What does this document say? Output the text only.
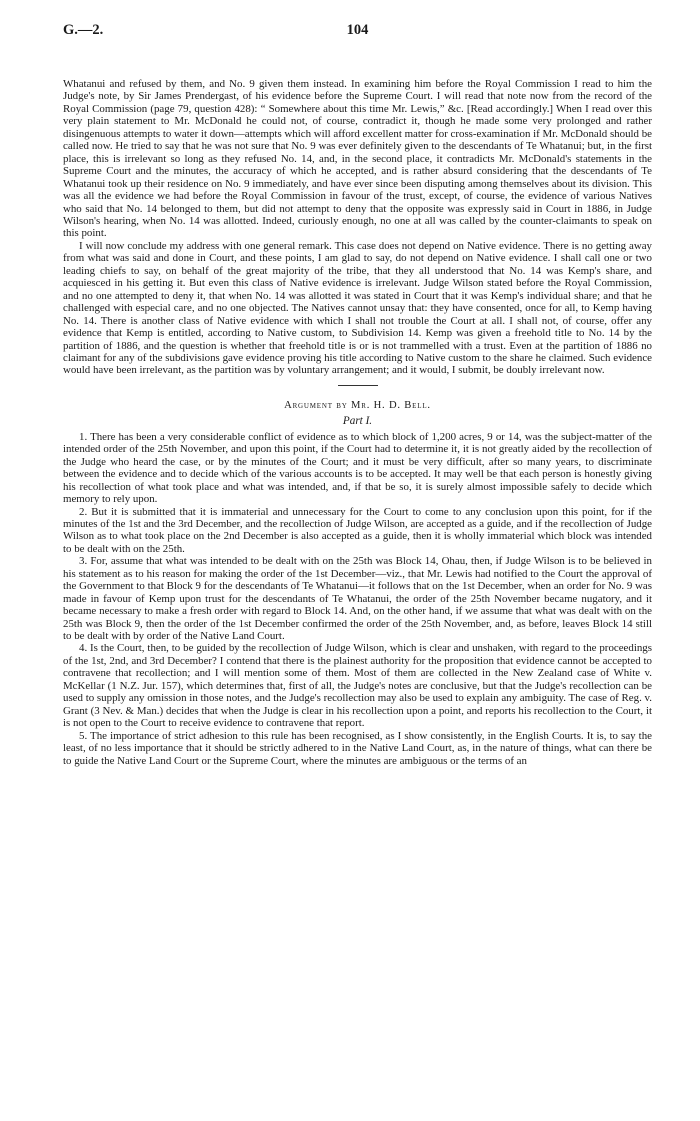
G.—2.	104

Whatanui and refused by them, and No. 9 given them instead. In examining him before the Royal Commission I read to him the Judge's note, by Sir James Prendergast, of his evidence before the Supreme Court. I will read that note now from the record of the Royal Commission (page 79, question 428): “ Somewhere about this time Mr. Lewis,” &c. [Read accordingly.] When I read over this very plain statement to Mr. McDonald he could not, of course, contradict it, though he made some very prolonged and rather disingenuous attempts to water it down—attempts which will afford excellent matter for cross-examination if Mr. McDonald should be called now. He tried to say that he was not sure that No. 9 was ever definitely given to the descendants of Te Whatanui; but, in the first place, this is irrelevant so long as they refused No. 14, and, in the second place, it contradicts Mr. McDonald's statements in the Supreme Court and the minutes, the accuracy of which he accepted, and is rather absurd considering that the descendants of Te Whatanui took up their residence on No. 9 immediately, and have ever since been disputing among themselves about its division. This was all the evidence we had before the Royal Commission in favour of the trust, except, of course, the evidence of various Natives who said that No. 14 belonged to them, but did not attempt to deny that the opposite was expressly said in Court in 1886, in Judge Wilson's hearing, when No. 14 was allotted. Indeed, curiously enough, no one at all was called by the counter-claimants to speak on this point.

I will now conclude my address with one general remark. This case does not depend on Native evidence. There is no getting away from what was said and done in Court, and these points, I am glad to say, do not depend on Native evidence. I shall call one or two leading chiefs to say, on behalf of the great majority of the tribe, that they all understood that No. 14 was Kemp's share, and acquiesced in his getting it. But even this class of Native evidence is irrelevant. Judge Wilson stated before the Royal Commission, and no one attempted to deny it, that when No. 14 was allotted it was stated in Court that it was Kemp's individual share; and that he challenged with especial care, and no one objected. The Natives cannot unsay that: they have consented, once for all, to Kemp having No. 14. There is another class of Native evidence with which I shall not trouble the Court at all. I shall not, of course, offer any evidence that Kemp is entitled, according to Native custom, to Subdivision 14. Kemp was given a freehold title to No. 14 by the partition of 1886, and the question is whether that freehold title is or is not trammelled with a trust. Even at the partition of 1886 no claimant for any of the subdivisions gave evidence proving his title according to Native custom to the share he claimed. Such evidence would have been irrelevant, as the partition was by voluntary arrangement; and it would, I submit, be doubly irrelevant now.

Argument by Mr. H. D. Bell.
Part I.

1. There has been a very considerable conflict of evidence as to which block of 1,200 acres, 9 or 14, was the subject-matter of the intended order of the 25th November, and upon this point, if the Court had to determine it, it is not greatly aided by the recollection of the Judge who heard the case, or by the minutes of the Court; and it must be very difficult, after so many years, to discriminate between the evidence and to decide which of the various accounts is to be accepted. It may well be that each person is honestly giving his recollection of what took place and what was intended, and, if that be so, it is surely almost impossible safely to decide which memory to rely upon.

2. But it is submitted that it is immaterial and unnecessary for the Court to come to any conclusion upon this point, for if the minutes of the 1st and the 3rd December, and the recollection of Judge Wilson, are accepted as a guide, and if the recollection of Judge Wilson as to what took place on the 2nd December is also accepted as a guide, then it is wholly immaterial which block was intended to be dealt with on the 25th.

3. For, assume that what was intended to be dealt with on the 25th was Block 14, Ohau, then, if Judge Wilson is to be believed in his statement as to his reason for making the order of the 1st December—viz., that Mr. Lewis had notified to the Court the approval of the Government to that Block 9 for the descendants of Te Whatanui—it follows that on the 1st December, when an order for No. 9 was made in favour of Kemp upon trust for the descendants of Te Whatanui, the order of the 25th November became nugatory, and it became necessary to make a fresh order with regard to Block 14. And, on the other hand, if we assume that what was dealt with on the 25th was Block 9, then the order of the 1st December confirmed the order of the 25th November, and, as before, leaves Block 14 still to be dealt with by order of the Native Land Court.

4. Is the Court, then, to be guided by the recollection of Judge Wilson, which is clear and unshaken, with regard to the proceedings of the 1st, 2nd, and 3rd December? I contend that there is the plainest authority for the proposition that evidence cannot be accepted to contravene that recollection; and I will mention some of them. Most of them are collected in the New Zealand case of White v. McKellar (1 N.Z. Jur. 157), which determines that, first of all, the Judge's notes are conclusive, but that the Judge's recollection can be used to supply any omission in those notes, and the Judge's recollection may also be used to explain any ambiguity. The case of Reg. v. Grant (3 Nev. & Man.) decides that when the Judge is clear in his recollection upon a point, and reports his recollection to the Court, it is not open to the Court to receive evidence to contravene that report.

5. The importance of strict adhesion to this rule has been recognised, as I show consistently, in the English Courts. It is, to say the least, of no less importance that it should be strictly adhered to in the Native Land Court, as, in the nature of things, what can there be to guide the Native Land Court or the Supreme Court, where the minutes are ambiguous or the terms of an
